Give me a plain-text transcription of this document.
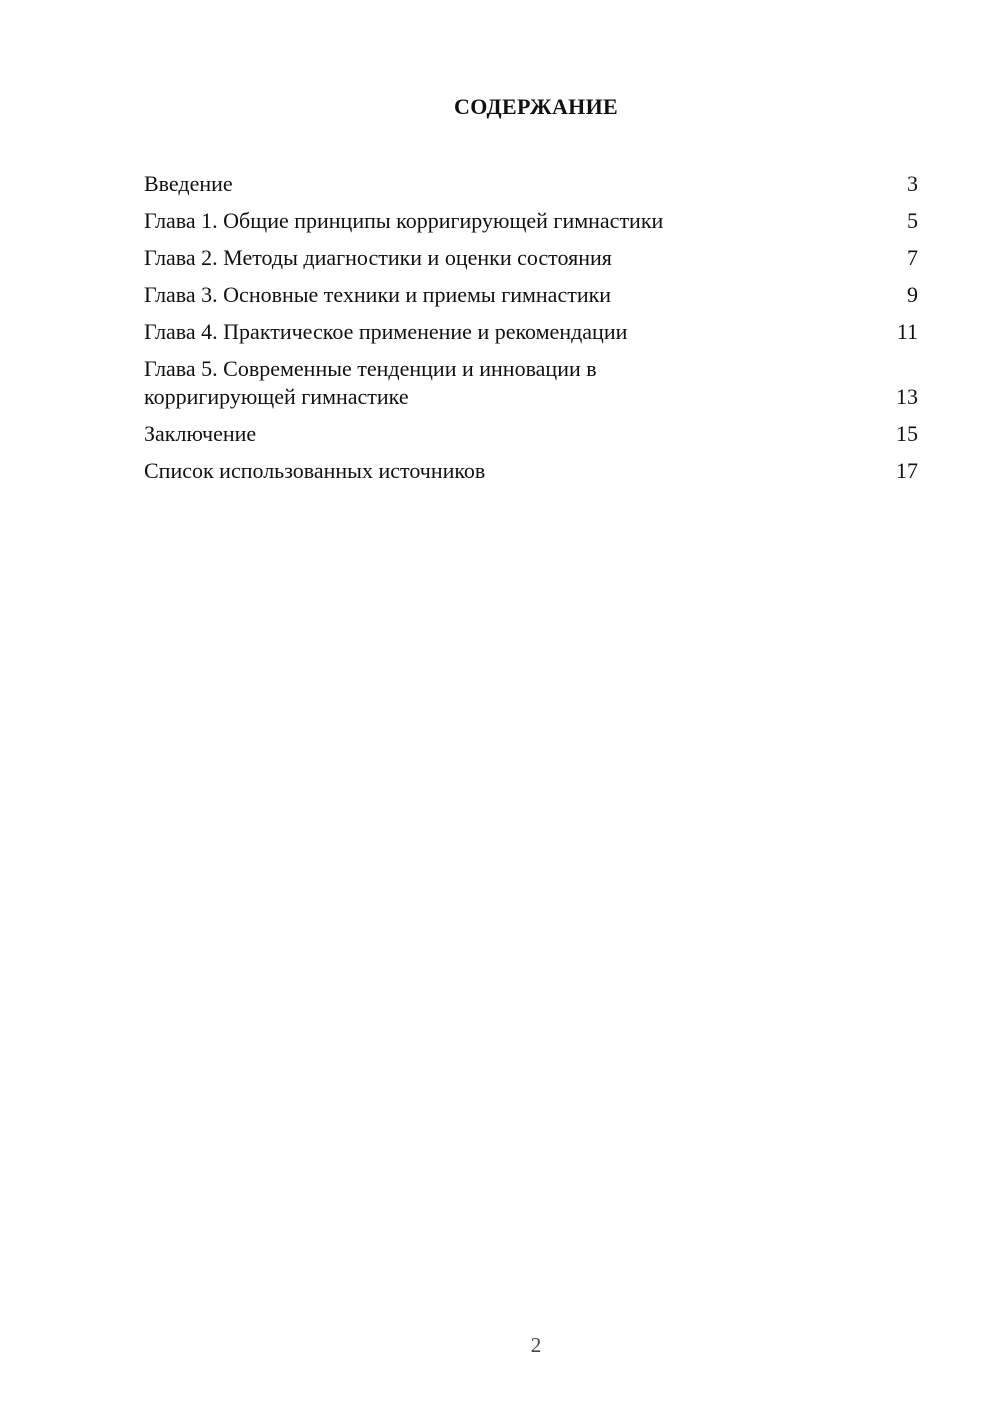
СОДЕРЖАНИЕ
Введение	3
Глава 1. Общие принципы корригирующей гимнастики	5
Глава 2. Методы диагностики и оценки состояния	7
Глава 3. Основные техники и приемы гимнастики	9
Глава 4. Практическое применение и рекомендации	11
Глава 5. Современные тенденции и инновации в корригирующей гимнастике	13
Заключение	15
Список использованных источников	17
2
